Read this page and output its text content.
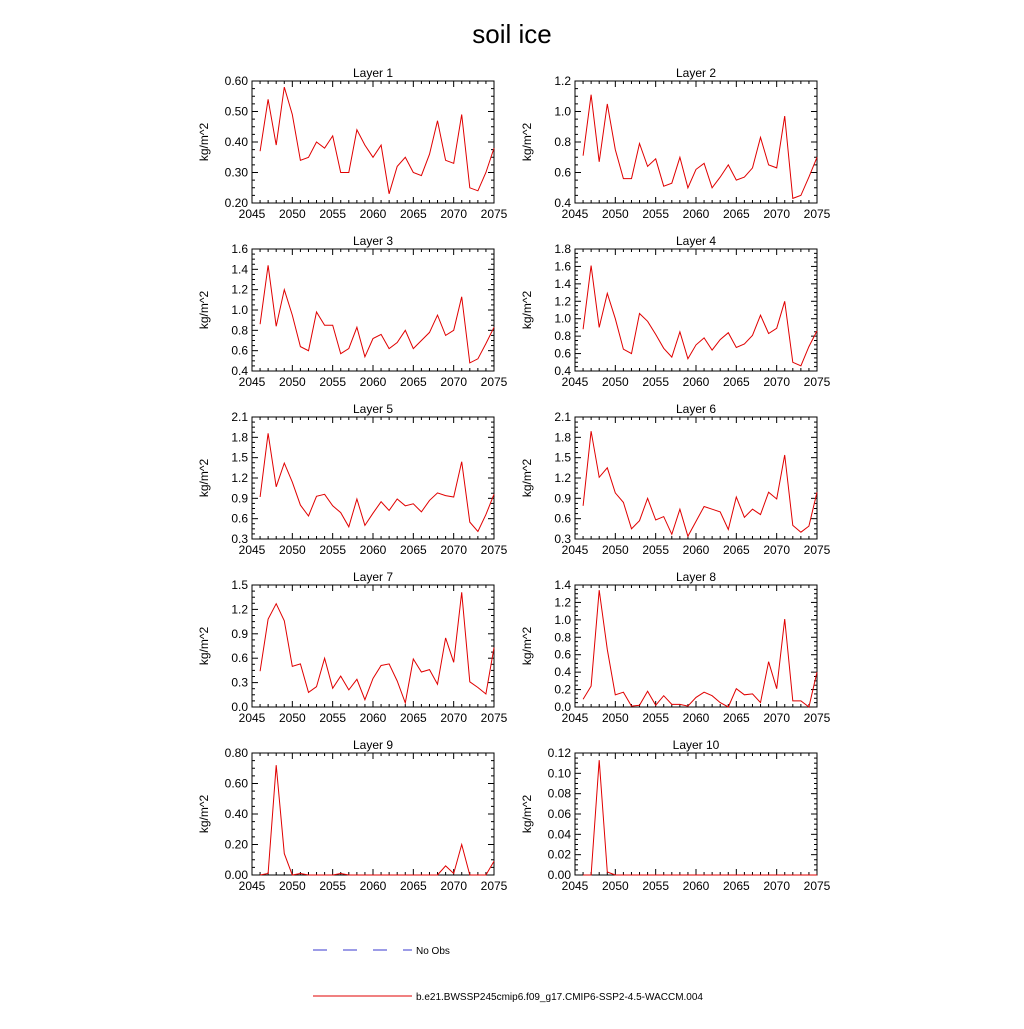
soil ice
Layer 1
kg/m^2
2045 2050 2055 2060 2065 2070 2075
0.20
0.30
0.40
0.50
0.60
Layer 2
kg/m^2
2045 2050 2055 2060 2065 2070 2075
0.4
0.6
0.8
1.0
1.2
Layer 3
kg/m^2
2045 2050 2055 2060 2065 2070 2075
0.4
0.6
0.8
1.0
1.2
1.4
1.6
Layer 4
kg/m^2
2045 2050 2055 2060 2065 2070 2075
0.4
0.6
0.8
1.0
1.2
1.4
1.6
1.8
Layer 5
kg/m^2
2045 2050 2055 2060 2065 2070 2075
0.3
0.6
0.9
1.2
1.5
1.8
2.1
Layer 6
kg/m^2
2045 2050 2055 2060 2065 2070 2075
0.3
0.6
0.9
1.2
1.5
1.8
2.1
Layer 7
kg/m^2
2045 2050 2055 2060 2065 2070 2075
0.0
0.3
0.6
0.9
1.2
1.5
Layer 8
kg/m^2
2045 2050 2055 2060 2065 2070 2075
0.0
0.2
0.4
0.6
0.8
1.0
1.2
1.4
Layer 9
kg/m^2
2045 2050 2055 2060 2065 2070 2075
0.00
0.20
0.40
0.60
0.80
Layer 10
kg/m^2
2045 2050 2055 2060 2065 2070 2075
0.00
0.02
0.04
0.06
0.08
0.10
0.12
No Obs
b.e21.BWSSP245cmip6.f09_g17.CMIP6-SSP2-4.5-WACCM.004
